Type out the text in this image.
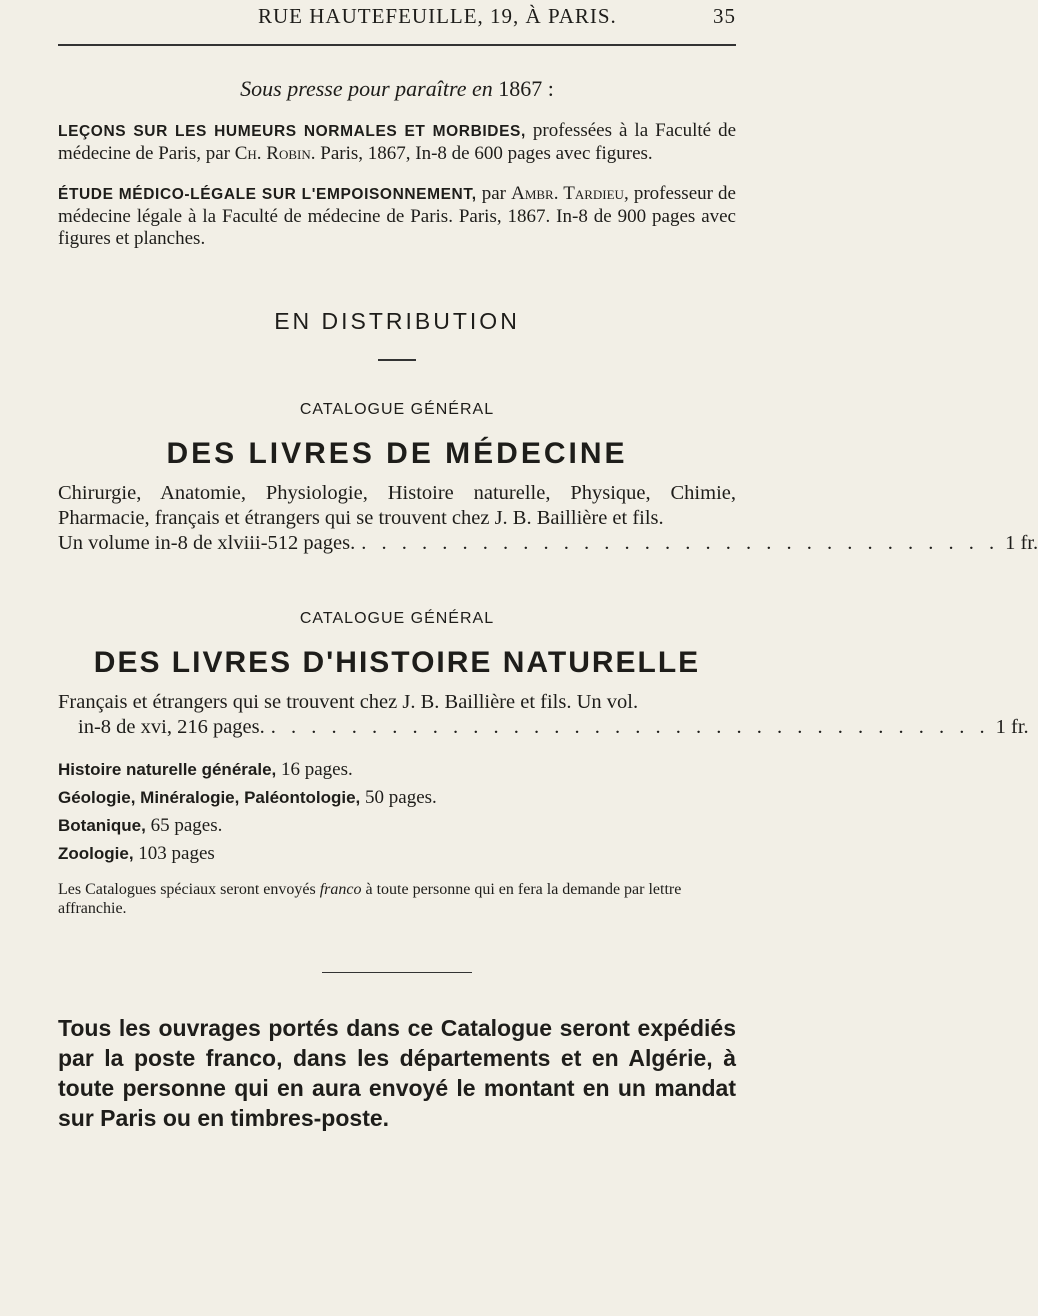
RUE HAUTEFEUILLE, 19, À PARIS.	35
Sous presse pour paraître en 1867 :
LEÇONS SUR LES HUMEURS NORMALES ET MORBIDES, professées à la Faculté de médecine de Paris, par Ch. Robin. Paris, 1867, In-8 de 600 pages avec figures.
ÉTUDE MÉDICO-LÉGALE SUR L'EMPOISONNEMENT, par Ambr. Tardieu, professeur de médecine légale à la Faculté de médecine de Paris. Paris, 1867. In-8 de 900 pages avec figures et planches.
EN DISTRIBUTION
CATALOGUE GÉNÉRAL
DES LIVRES DE MÉDECINE
Chirurgie, Anatomie, Physiologie, Histoire naturelle, Physique, Chimie, Pharmacie, français et étrangers qui se trouvent chez J. B. Baillière et fils.
Un volume in-8 de xlviii-512 pages. . . . . . . . . . . . . . . . . . . . . . . . . . . . . . . . . 1 fr.
CATALOGUE GÉNÉRAL
DES LIVRES D'HISTOIRE NATURELLE
Français et étrangers qui se trouvent chez J. B. Baillière et fils. Un vol.
in-8 de xvi, 216 pages. . . . . . . . . . . . . . . . . . . . . . . . . . . . . . . . . . . . . 1 fr.
Histoire naturelle générale, 16 pages.
Géologie, Minéralogie, Paléontologie, 50 pages.
Botanique, 65 pages.
Zoologie, 103 pages
Les Catalogues spéciaux seront envoyés franco à toute personne qui en fera la demande par lettre affranchie.
Tous les ouvrages portés dans ce Catalogue seront expédiés par la poste franco, dans les départements et en Algérie, à toute personne qui en aura envoyé le montant en un mandat sur Paris ou en timbres-poste.
